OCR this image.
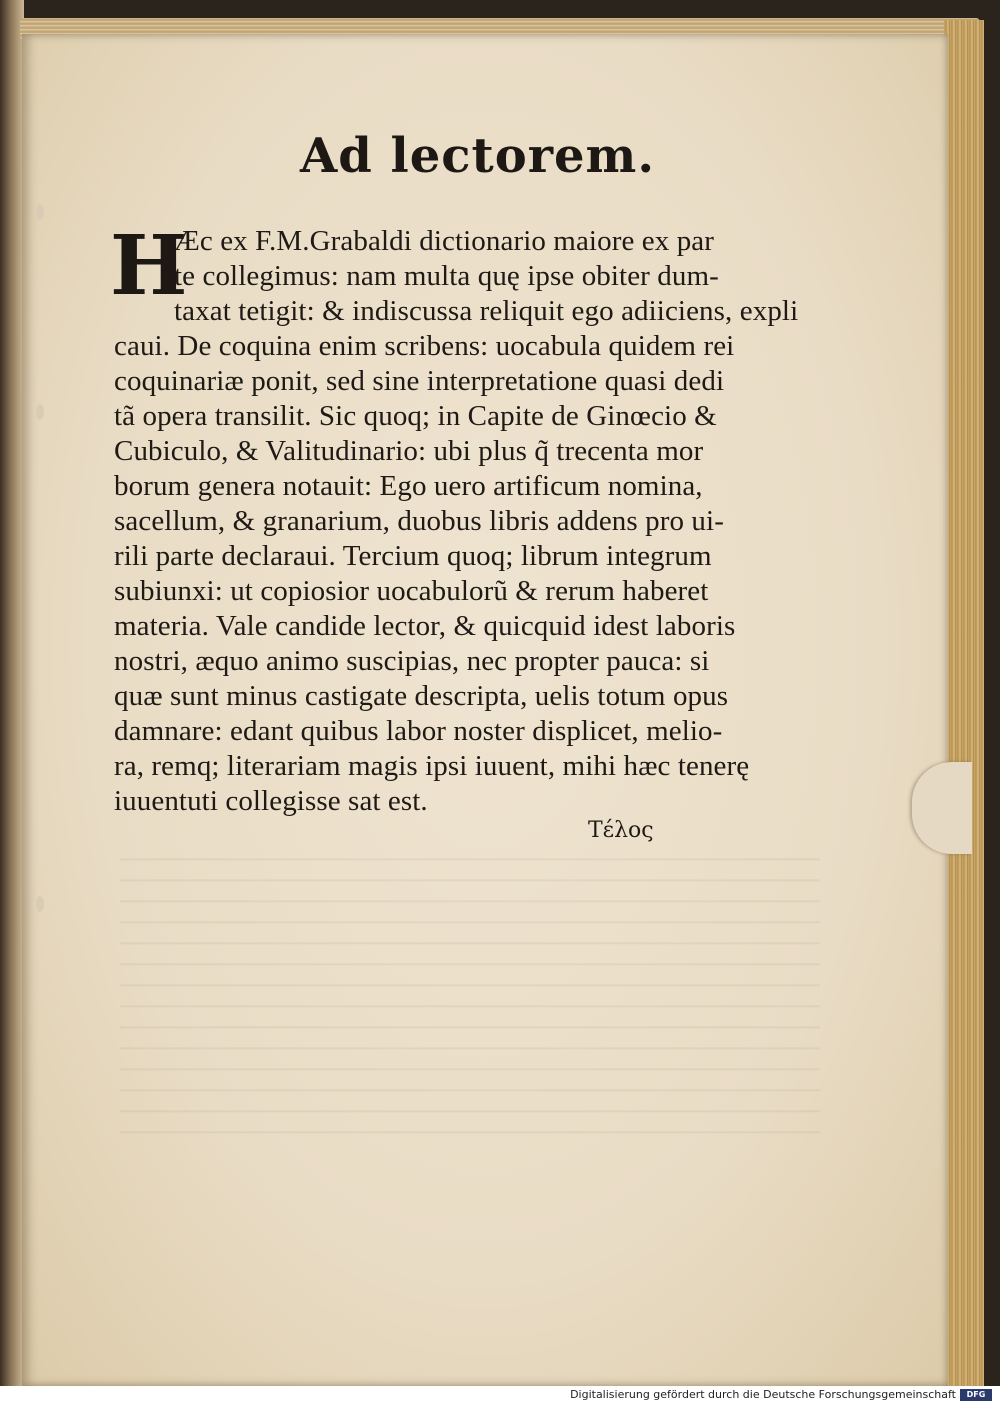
Ad lectorem.
H
Æc ex F.M.Grabaldi dictionario maiore ex par
te collegimus: nam multa quę ipse obiter dum-
taxat tetigit: & indiscussa reliquit ego adiiciens, expli
caui. De coquina enim scribens: uocabula quidem rei
coquinariæ ponit, sed sine interpretatione quasi dedi
tã opera transilit. Sic quoq; in Capite de Ginœcio &
Cubiculo, & Valitudinario: ubi plus q̃ trecenta mor
borum genera notauit: Ego uero artificum nomina,
sacellum, & granarium, duobus libris addens pro ui-
rili parte declaraui. Tercium quoq; librum integrum
subiunxi: ut copiosior uocabulorũ & rerum haberet
materia. Vale candide lector, & quicquid idest laboris
nostri, æquo animo suscipias, nec propter pauca: si
quæ sunt minus castigate descripta, uelis totum opus
damnare: edant quibus labor noster displicet, melio-
ra, remq; literariam magis ipsi iuuent, mihi hæc tenerę
iuuentuti collegisse sat est.
Τέλος
Digitalisierung gefördert durch die Deutsche Forschungsgemeinschaft	DFG
